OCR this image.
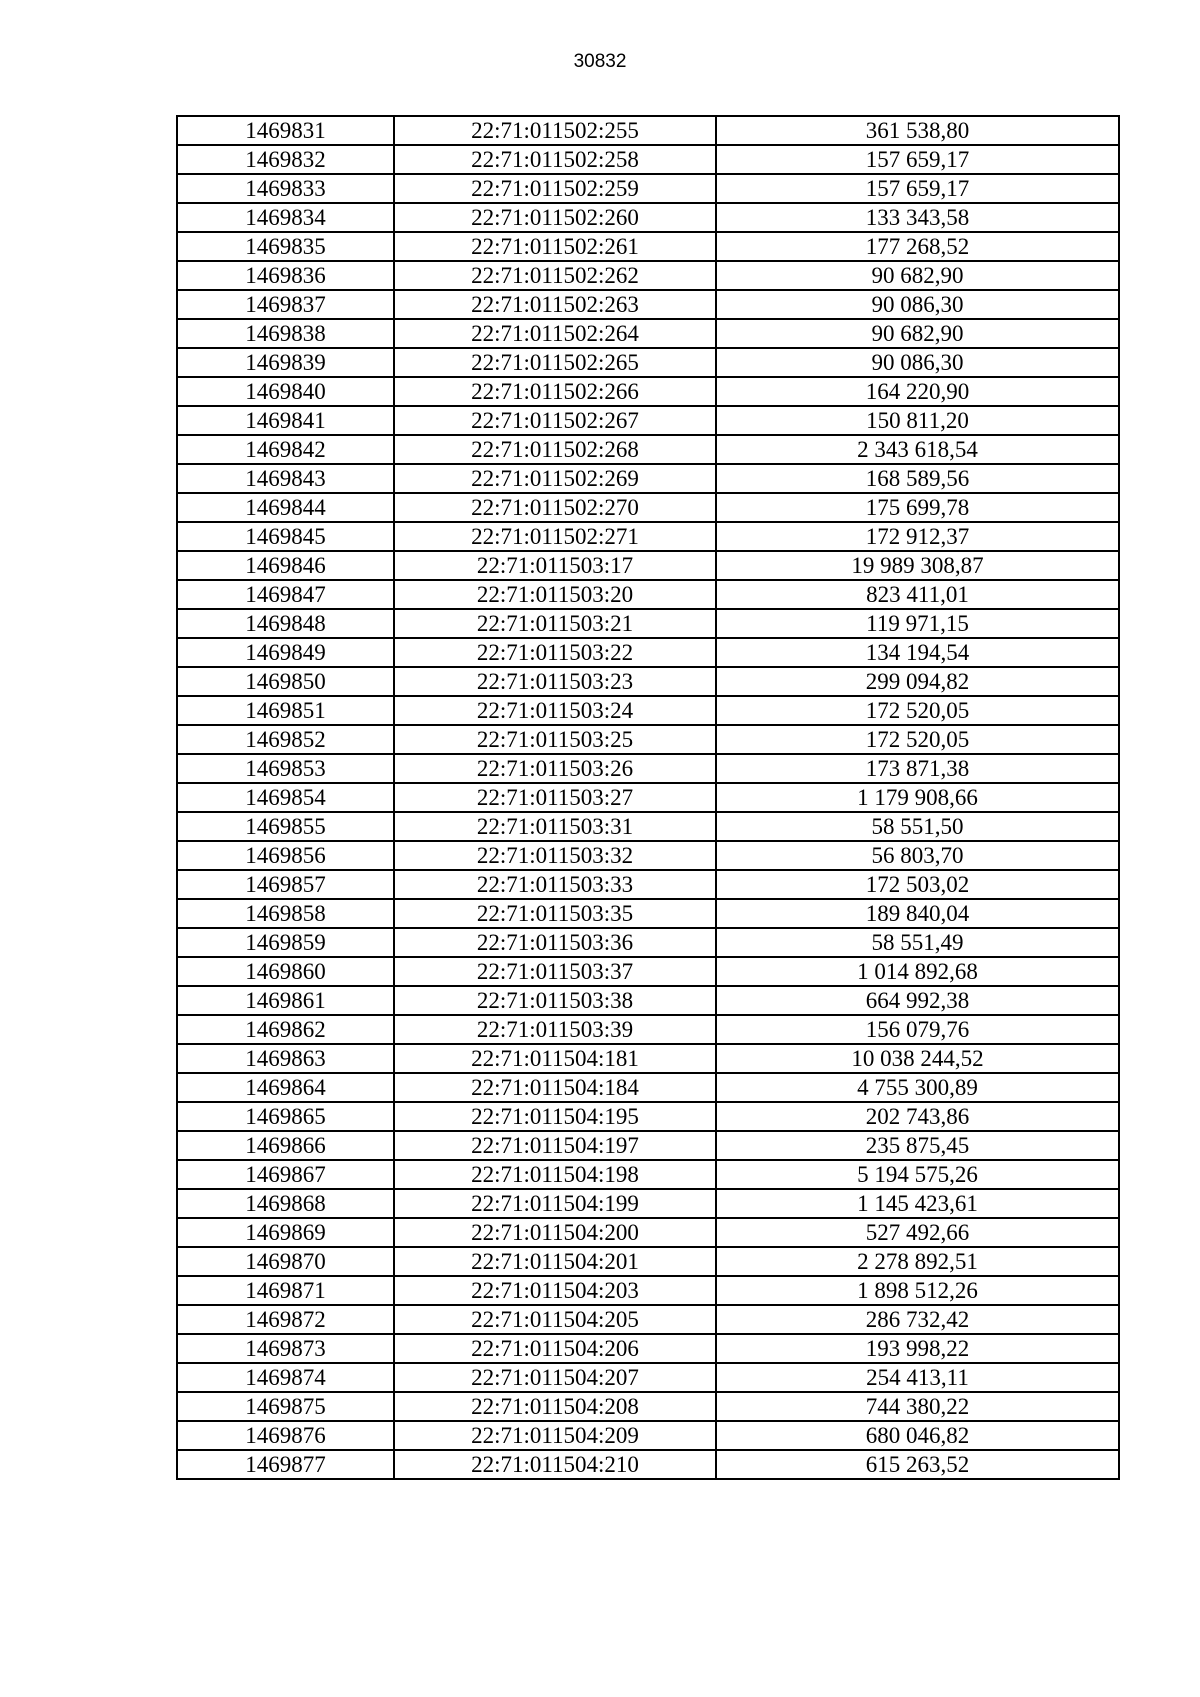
30832
1469831	22:71:011502:255	361 538,80
1469832	22:71:011502:258	157 659,17
1469833	22:71:011502:259	157 659,17
1469834	22:71:011502:260	133 343,58
1469835	22:71:011502:261	177 268,52
1469836	22:71:011502:262	90 682,90
1469837	22:71:011502:263	90 086,30
1469838	22:71:011502:264	90 682,90
1469839	22:71:011502:265	90 086,30
1469840	22:71:011502:266	164 220,90
1469841	22:71:011502:267	150 811,20
1469842	22:71:011502:268	2 343 618,54
1469843	22:71:011502:269	168 589,56
1469844	22:71:011502:270	175 699,78
1469845	22:71:011502:271	172 912,37
1469846	22:71:011503:17	19 989 308,87
1469847	22:71:011503:20	823 411,01
1469848	22:71:011503:21	119 971,15
1469849	22:71:011503:22	134 194,54
1469850	22:71:011503:23	299 094,82
1469851	22:71:011503:24	172 520,05
1469852	22:71:011503:25	172 520,05
1469853	22:71:011503:26	173 871,38
1469854	22:71:011503:27	1 179 908,66
1469855	22:71:011503:31	58 551,50
1469856	22:71:011503:32	56 803,70
1469857	22:71:011503:33	172 503,02
1469858	22:71:011503:35	189 840,04
1469859	22:71:011503:36	58 551,49
1469860	22:71:011503:37	1 014 892,68
1469861	22:71:011503:38	664 992,38
1469862	22:71:011503:39	156 079,76
1469863	22:71:011504:181	10 038 244,52
1469864	22:71:011504:184	4 755 300,89
1469865	22:71:011504:195	202 743,86
1469866	22:71:011504:197	235 875,45
1469867	22:71:011504:198	5 194 575,26
1469868	22:71:011504:199	1 145 423,61
1469869	22:71:011504:200	527 492,66
1469870	22:71:011504:201	2 278 892,51
1469871	22:71:011504:203	1 898 512,26
1469872	22:71:011504:205	286 732,42
1469873	22:71:011504:206	193 998,22
1469874	22:71:011504:207	254 413,11
1469875	22:71:011504:208	744 380,22
1469876	22:71:011504:209	680 046,82
1469877	22:71:011504:210	615 263,52
